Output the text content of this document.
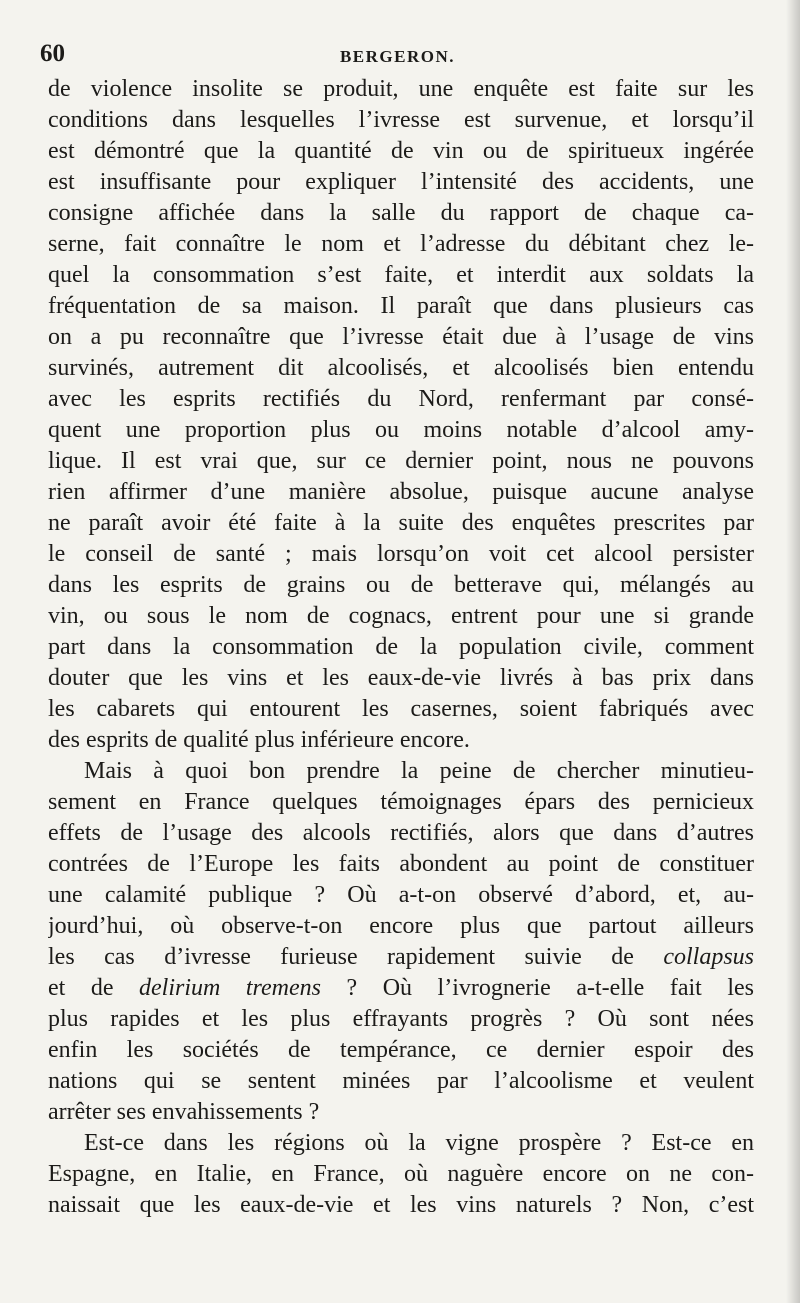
60	BERGERON.
de violence insolite se produit, une enquête est faite sur les
conditions dans lesquelles l’ivresse est survenue, et lorsqu’il
est démontré que la quantité de vin ou de spiritueux ingérée
est insuffisante pour expliquer l’intensité des accidents, une
consigne affichée dans la salle du rapport de chaque ca-
serne, fait connaître le nom et l’adresse du débitant chez le-
quel la consommation s’est faite, et interdit aux soldats la
fréquentation de sa maison. Il paraît que dans plusieurs cas
on a pu reconnaître que l’ivresse était due à l’usage de vins
survinés, autrement dit alcoolisés, et alcoolisés bien entendu
avec les esprits rectifiés du Nord, renfermant par consé-
quent une proportion plus ou moins notable d’alcool amy-
lique. Il est vrai que, sur ce dernier point, nous ne pouvons
rien affirmer d’une manière absolue, puisque aucune analyse
ne paraît avoir été faite à la suite des enquêtes prescrites par
le conseil de santé ; mais lorsqu’on voit cet alcool persister
dans les esprits de grains ou de betterave qui, mélangés au
vin, ou sous le nom de cognacs, entrent pour une si grande
part dans la consommation de la population civile, comment
douter que les vins et les eaux-de-vie livrés à bas prix dans
les cabarets qui entourent les casernes, soient fabriqués avec
des esprits de qualité plus inférieure encore.
Mais à quoi bon prendre la peine de chercher minutieu-
sement en France quelques témoignages épars des pernicieux
effets de l’usage des alcools rectifiés, alors que dans d’autres
contrées de l’Europe les faits abondent au point de constituer
une calamité publique ? Où a-t-on observé d’abord, et, au-
jourd’hui, où observe-t-on encore plus que partout ailleurs
les cas d’ivresse furieuse rapidement suivie de collapsus
et de delirium tremens ? Où l’ivrognerie a-t-elle fait les
plus rapides et les plus effrayants progrès ? Où sont nées
enfin les sociétés de tempérance, ce dernier espoir des
nations qui se sentent minées par l’alcoolisme et veulent
arrêter ses envahissements ?
Est-ce dans les régions où la vigne prospère ? Est-ce en
Espagne, en Italie, en France, où naguère encore on ne con-
naissait que les eaux-de-vie et les vins naturels ? Non, c’est
